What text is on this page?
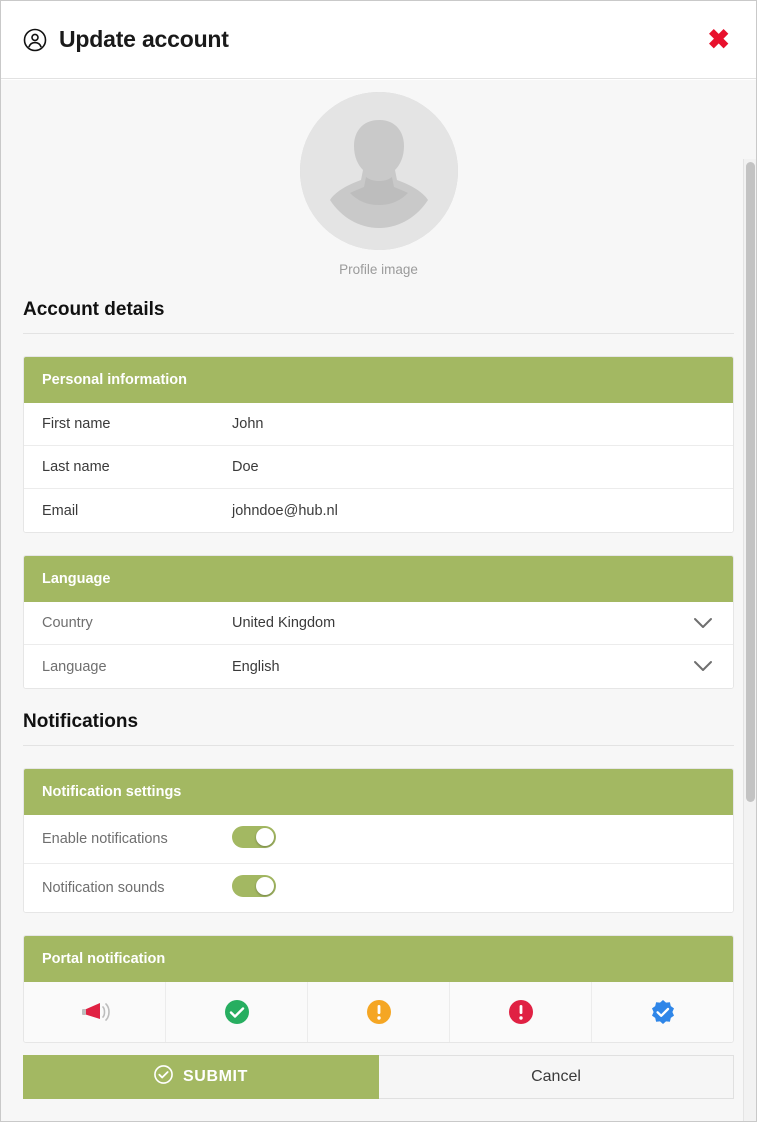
Update account	✖
Profile image
Account details
Personal information
First name	John
Last name	Doe
Email	johndoe@hub.nl
Language
Country	United Kingdom
Language	English
Notifications
Notification settings
Enable notifications
Notification sounds
Portal notification
SUBMIT	Cancel
